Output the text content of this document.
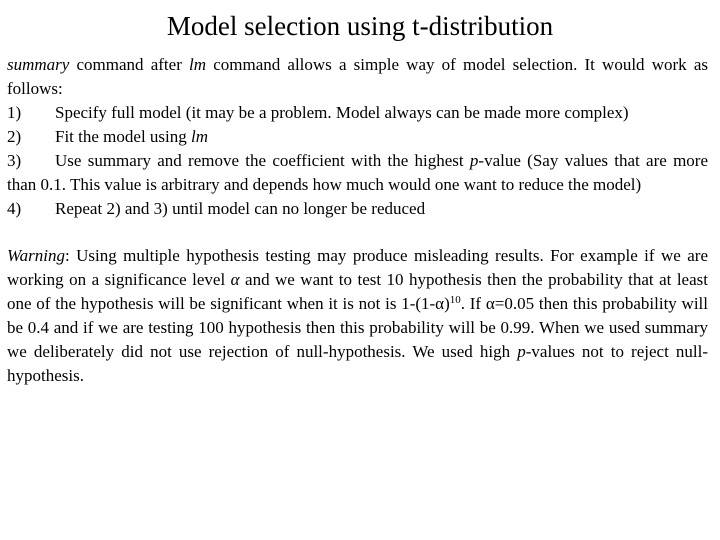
Model selection using t-distribution

summary command after lm command allows a simple way of model selection. It would work as follows:

1) Specify full model (it may be a problem. Model always can be made more complex)

2) Fit the model using lm

3) Use summary and remove the coefficient with the highest p-value (Say values that are more than 0.1. This value is arbitrary and depends how much would one want to reduce the model)

4) Repeat 2) and 3) until model can no longer be reduced

Warning: Using multiple hypothesis testing may produce misleading results. For example if we are working on a significance level α and we want to test 10 hypothesis then the probability that at least one of the hypothesis will be significant when it is not is $1-(1-\alpha)^{10}$. If α=0.05 then this probability will be 0.4 and if we are testing 100 hypothesis then this probability will be 0.99. When we used summary we deliberately did not use rejection of null-hypothesis. We used high p-values not to reject null-hypothesis.
